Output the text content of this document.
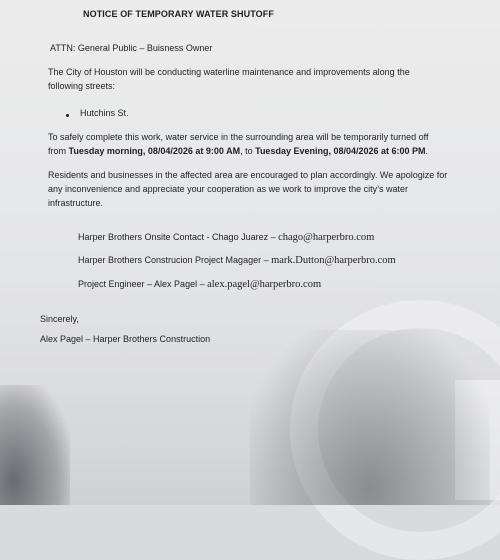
NOTICE OF TEMPORARY WATER SHUTOFF
ATTN: General Public – Buisness Owner
The City of Houston will be conducting waterline maintenance and improvements along the
following streets:
Hutchins St.
To safely complete this work, water service in the surrounding area will be temporarily turned off
from Tuesday morning, 08/04/2026 at 9:00 AM, to Tuesday Evening, 08/04/2026 at 6:00 PM.
Residents and businesses in the affected area are encouraged to plan accordingly. We apologize for
any inconvenience and appreciate your cooperation as we work to improve the city’s water
infrastructure.
Harper Brothers Onsite Contact - Chago Juarez – chago@harperbro.com
Harper Brothers Construcion Project Magager – mark.Dutton@harperbro.com
Project Engineer – Alex Pagel – alex.pagel@harperbro.com
Sincerely,
Alex Pagel – Harper Brothers Construction
